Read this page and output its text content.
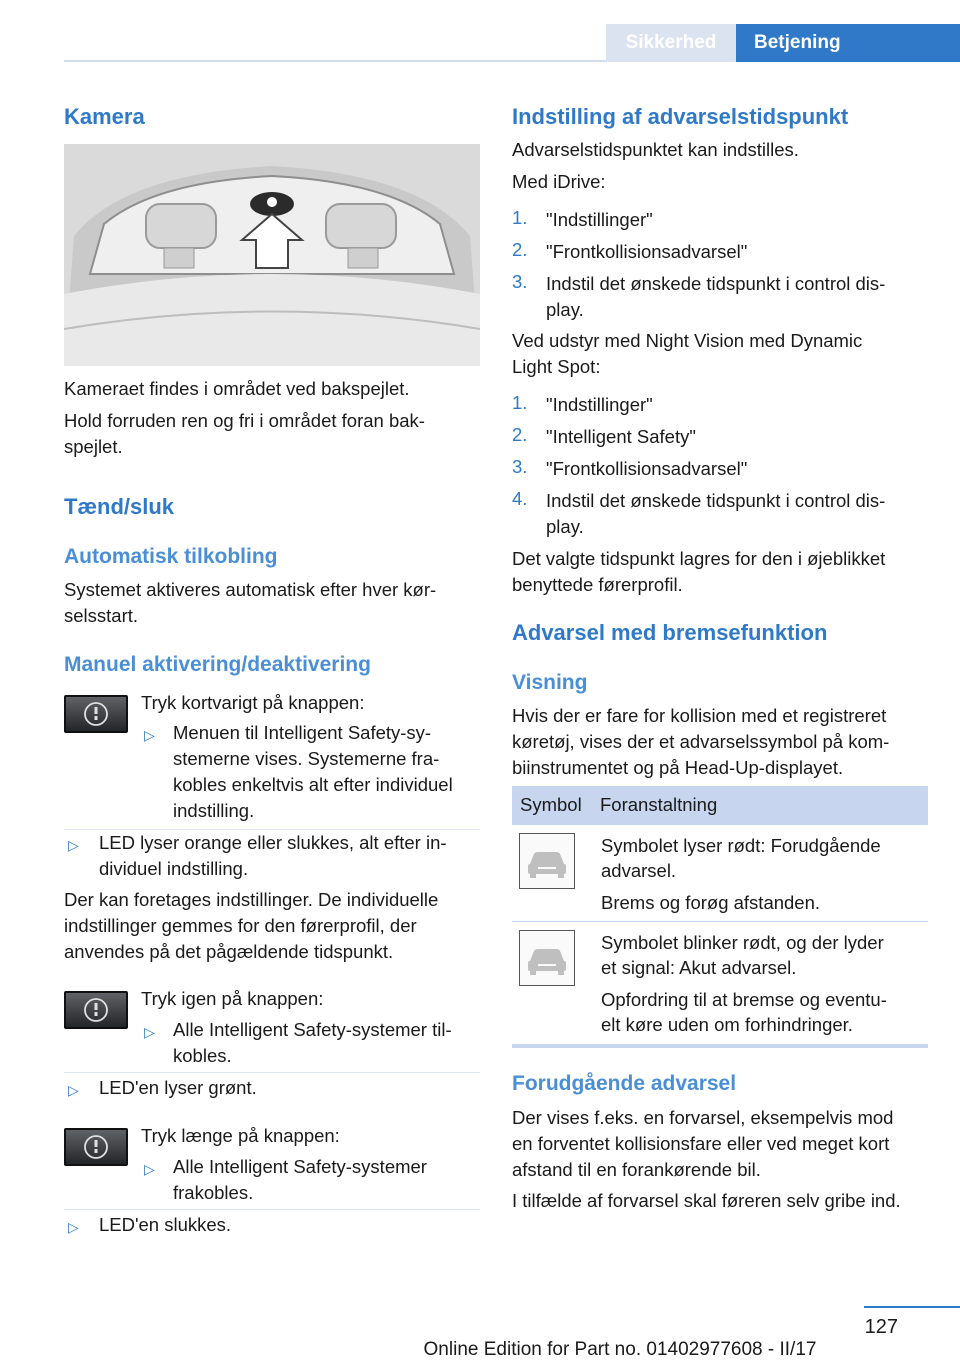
Sikkerhed	Betjening
Kamera
Kameraet findes i området ved bakspejlet.
Hold forruden ren og fri i området foran bak-
spejlet.
Tænd/sluk
Automatisk tilkobling
Systemet aktiveres automatisk efter hver kør-
selsstart.
Manuel aktivering/deaktivering
Tryk kortvarigt på knappen:
▷ Menuen til Intelligent Safety-sy-
stemerne vises. Systemerne fra-
kobles enkeltvis alt efter individuel
indstilling.
▷ LED lyser orange eller slukkes, alt efter in-
dividuel indstilling.
Der kan foretages indstillinger. De individuelle
indstillinger gemmes for den førerprofil, der
anvendes på det pågældende tidspunkt.
Tryk igen på knappen:
▷ Alle Intelligent Safety-systemer til-
kobles.
▷ LED'en lyser grønt.
Tryk længe på knappen:
▷ Alle Intelligent Safety-systemer
frakobles.
▷ LED'en slukkes.
Indstilling af advarselstidspunkt
Advarselstidspunktet kan indstilles.
Med iDrive:
1. "Indstillinger"
2. "Frontkollisionsadvarsel"
3. Indstil det ønskede tidspunkt i control dis-
play.
Ved udstyr med Night Vision med Dynamic
Light Spot:
1. "Indstillinger"
2. "Intelligent Safety"
3. "Frontkollisionsadvarsel"
4. Indstil det ønskede tidspunkt i control dis-
play.
Det valgte tidspunkt lagres for den i øjeblikket
benyttede førerprofil.
Advarsel med bremsefunktion
Visning
Hvis der er fare for kollision med et registreret
køretøj, vises der et advarselssymbol på kom-
biinstrumentet og på Head-Up-displayet.
Symbol Foranstaltning
Symbolet lyser rødt: Forudgående
advarsel.
Brems og forøg afstanden.
Symbolet blinker rødt, og der lyder
et signal: Akut advarsel.
Opfordring til at bremse og eventu-
elt køre uden om forhindringer.
Forudgående advarsel
Der vises f.eks. en forvarsel, eksempelvis mod
en forventet kollisionsfare eller ved meget kort
afstand til en forankørende bil.
I tilfælde af forvarsel skal føreren selv gribe ind.
127
Online Edition for Part no. 01402977608 - II/17
